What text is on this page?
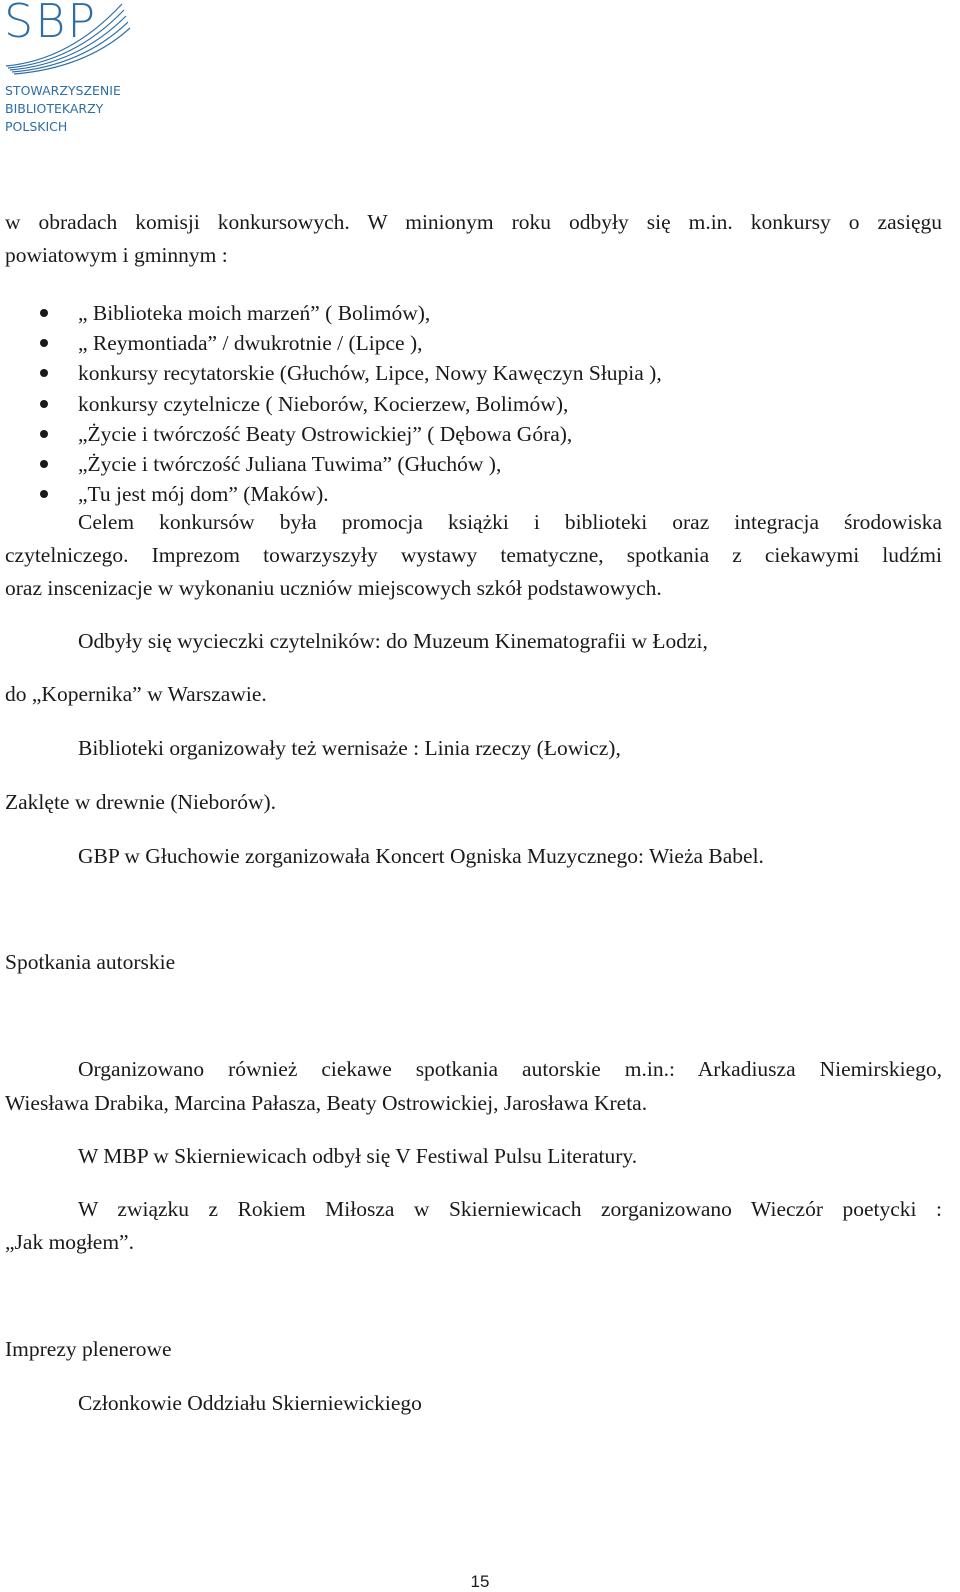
SBP
STOWARZYSZENIE
BIBLIOTEKARZY
POLSKICH
w obradach komisji konkursowych. W minionym roku odbyły się m.in. konkursy o zasięgu
powiatowym i gminnym :
„ Biblioteka moich marzeń” ( Bolimów),
„ Reymontiada” / dwukrotnie / (Lipce ),
konkursy recytatorskie (Głuchów, Lipce, Nowy Kawęczyn Słupia ),
konkursy czytelnicze ( Nieborów, Kocierzew, Bolimów),
„Życie i twórczość Beaty Ostrowickiej” ( Dębowa Góra),
„Życie i twórczość Juliana Tuwima” (Głuchów ),
„Tu jest mój dom” (Maków).
Celem konkursów była promocja książki i biblioteki oraz integracja środowiska
czytelniczego. Imprezom towarzyszyły wystawy tematyczne, spotkania z ciekawymi ludźmi
oraz inscenizacje w wykonaniu uczniów miejscowych szkół podstawowych.
Odbyły się wycieczki czytelników: do Muzeum Kinematografii w Łodzi,
do „Kopernika” w Warszawie.
Biblioteki organizowały też wernisaże : Linia rzeczy (Łowicz),
Zaklęte w drewnie (Nieborów).
GBP w Głuchowie zorganizowała Koncert Ogniska Muzycznego: Wieża Babel.
Spotkania autorskie
Organizowano również ciekawe spotkania autorskie m.in.: Arkadiusza Niemirskiego,
Wiesława Drabika, Marcina Pałasza, Beaty Ostrowickiej, Jarosława Kreta.
W MBP w Skierniewicach odbył się V Festiwal Pulsu Literatury.
W związku z Rokiem Miłosza w Skierniewicach zorganizowano Wieczór poetycki :
„Jak mogłem”.
Imprezy plenerowe
Członkowie Oddziału Skierniewickiego
15
